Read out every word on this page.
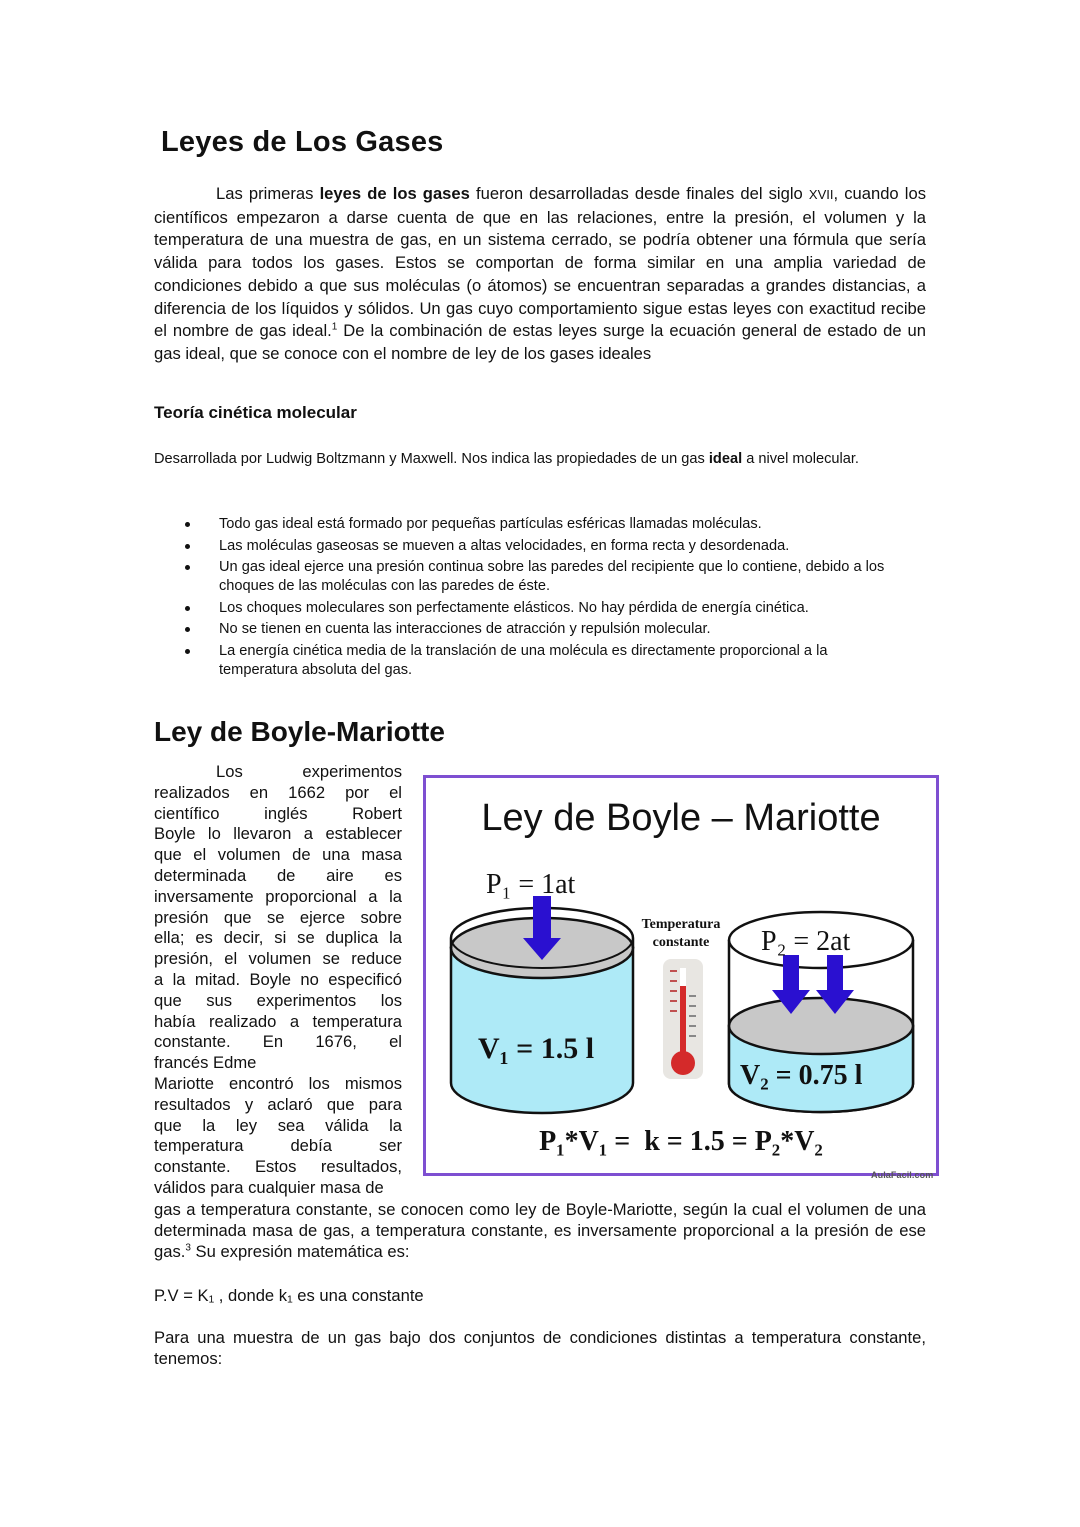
Leyes de Los Gases

Las primeras leyes de los gases fueron desarrolladas desde finales del siglo XVII, cuando los científicos empezaron a darse cuenta de que en las relaciones, entre la presión, el volumen y la temperatura de una muestra de gas, en un sistema cerrado, se podría obtener una fórmula que sería válida para todos los gases. Estos se comportan de forma similar en una amplia variedad de condiciones debido a que sus moléculas (o átomos) se encuentran separadas a grandes distancias, a diferencia de los líquidos y sólidos. Un gas cuyo comportamiento sigue estas leyes con exactitud recibe el nombre de gas ideal.$^1$ De la combinación de estas leyes surge la ecuación general de estado de un gas ideal, que se conoce con el nombre de ley de los gases ideales

Teoría cinética molecular

Desarrollada por Ludwig Boltzmann y Maxwell. Nos indica las propiedades de un gas ideal a nivel molecular.

Todo gas ideal está formado por pequeñas partículas esféricas llamadas moléculas.
Las moléculas gaseosas se mueven a altas velocidades, en forma recta y desordenada.
Un gas ideal ejerce una presión continua sobre las paredes del recipiente que lo contiene, debido a los choques de las moléculas con las paredes de éste.
Los choques moleculares son perfectamente elásticos. No hay pérdida de energía cinética.
No se tienen en cuenta las interacciones de atracción y repulsión molecular.
La energía cinética media de la translación de una molécula es directamente proporcional a la temperatura absoluta del gas.
Ley de Boyle-Mariotte
Los experimentos
realizados en 1662 por el
científico inglés Robert
Boyle lo llevaron a establecer
que el volumen de una masa
determinada de aire es
inversamente proporcional a la
presión que se ejerce sobre
ella; es decir, si se duplica la
presión, el volumen se reduce
a la mitad. Boyle no especificó
que sus experimentos los
había realizado a temperatura
constante. En 1676, el
francés Edme
Mariotte encontró los mismos
resultados y aclaró que para
que la ley sea válida la
temperatura debía ser
constante. Estos resultados,
válidos para cualquier masa de
Ley de Boyle – Mariotte
P₁ = 1at
V₁ = 1.5 l
Temperatura
constante P₂ = 2at
V₂ = 0.75 l
P₁*V₁ =  k = 1.5 = P₂*V₂
AulaFacil.com

gas a temperatura constante, se conocen como ley de Boyle-Mariotte, según la cual el volumen de una determinada masa de gas, a temperatura constante, es inversamente proporcional a la presión de ese gas.$^3$ Su expresión matemática es:

P.V = K₁ , donde k₁ es una constante

Para una muestra de un gas bajo dos conjuntos de condiciones distintas a temperatura constante, tenemos:
